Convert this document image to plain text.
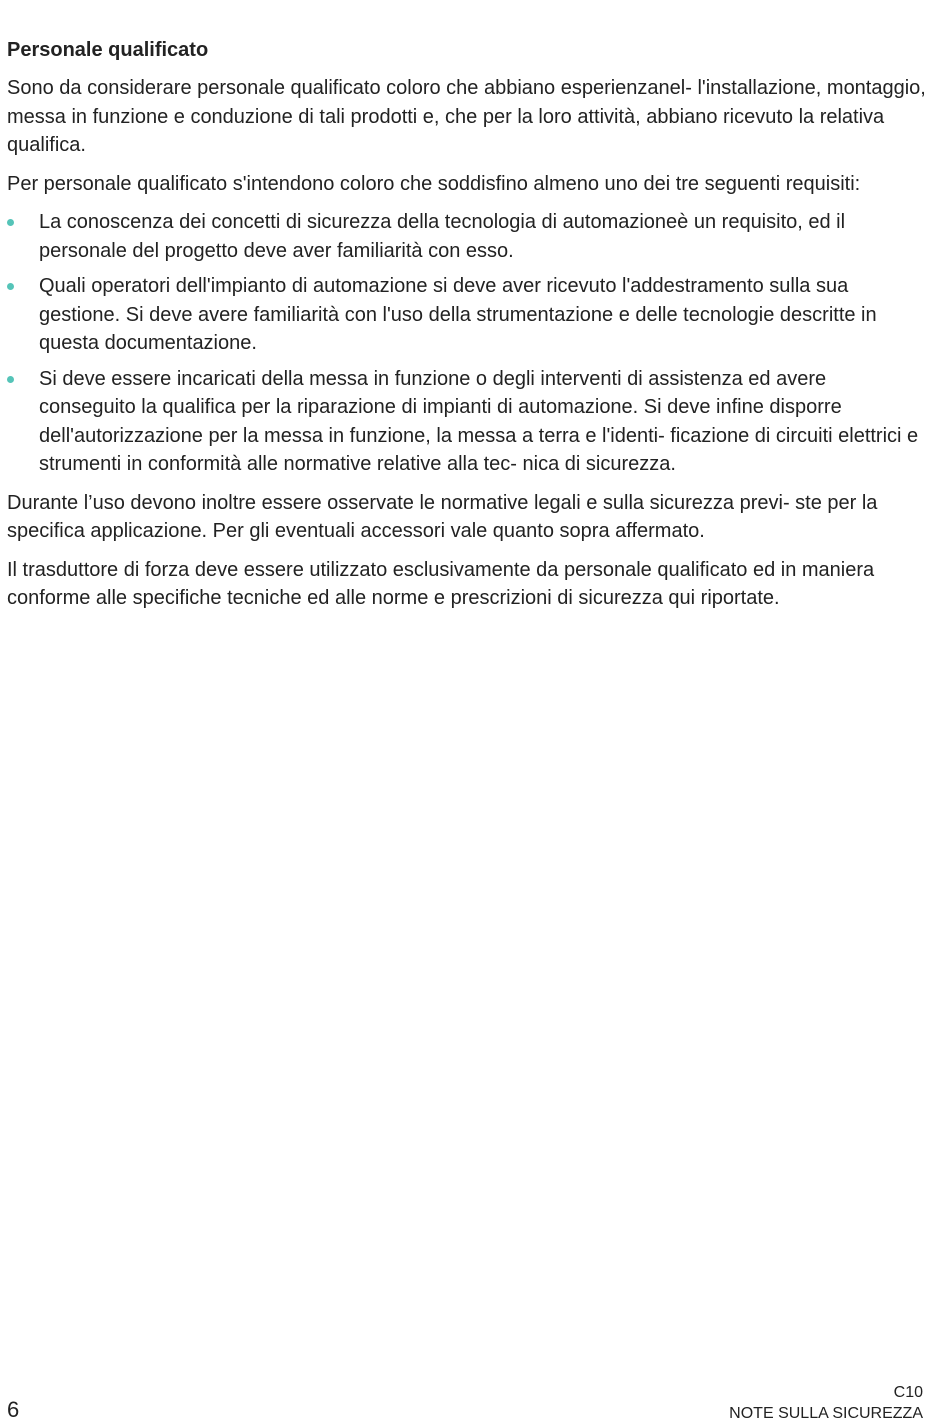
Personale qualificato

Sono da considerare personale qualificato coloro che abbiano esperienzanel- l'installazione, montaggio, messa in funzione e conduzione di tali prodotti e, che per la loro attività, abbiano ricevuto la relativa qualifica.

Per personale qualificato s'intendono coloro che soddisfino almeno uno dei tre seguenti requisiti:

La conoscenza dei concetti di sicurezza della tecnologia di automazioneè un requisito, ed il personale del progetto deve aver familiarità con esso.
Quali operatori dell'impianto di automazione si deve aver ricevuto l'addestramento sulla sua gestione. Si deve avere familiarità con l'uso della strumentazione e delle tecnologie descritte in questa documentazione.
Si deve essere incaricati della messa in funzione o degli interventi di assistenza ed avere conseguito la qualifica per la riparazione di impianti di automazione. Si deve infine disporre dell'autorizzazione per la messa in funzione, la messa a terra e l'identi- ficazione di circuiti elettrici e strumenti in conformità alle normative relative alla tec- nica di sicurezza.

Durante l’uso devono inoltre essere osservate le normative legali e sulla sicurezza previ- ste per la specifica applicazione. Per gli eventuali accessori vale quanto sopra affermato.

Il trasduttore di forza deve essere utilizzato esclusivamente da personale qualificato ed in maniera conforme alle specifiche tecniche ed alle norme e prescrizioni di sicurezza qui riportate.

6
C10
NOTE SULLA SICUREZZA
